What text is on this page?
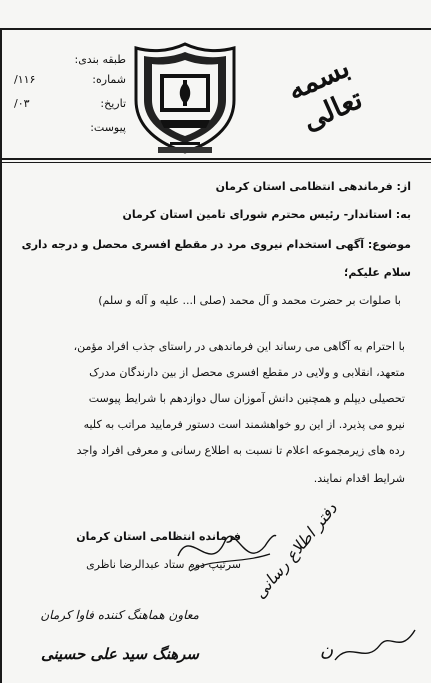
طبقه بندی:
شماره:
/۱۱۶
تاریخ:
/۰۳
پیوست:
بسمه تعالی
از: فرماندهی انتظامی استان کرمان
به: استاندار- رئیس محترم شورای تامین استان کرمان
موضوع: آگهی استخدام نیروی مرد در مقطع افسری محصل و درجه داری
سلام علیکم؛
با صلوات بر حضرت محمد و آل محمد (صلی ا... علیه و آله و سلم)
با احترام به آگاهی می رساند این فرماندهی در راستای جذب افراد مؤمن،
متعهد، انقلابی و ولایی در مقطع افسری محصل از بین دارندگان مدرک
تحصیلی دیپلم و همچنین دانش آموزان سال دوازدهم با شرایط پیوست
نیرو می پذیرد. از این رو خواهشمند است دستور فرمایید مراتب به کلیه
رده های زیرمجموعه اعلام تا نسبت به اطلاع رسانی و معرفی افراد واجد
شرایط اقدام نمایند.
فرمانده انتظامی استان کرمان
سرتیپ دوم ستاد عبدالرضا ناظری
معاون هماهنگ کننده فاوا کرمان
سرهنگ سید علی حسینی
دفتر اطلاع رسانی
ن
